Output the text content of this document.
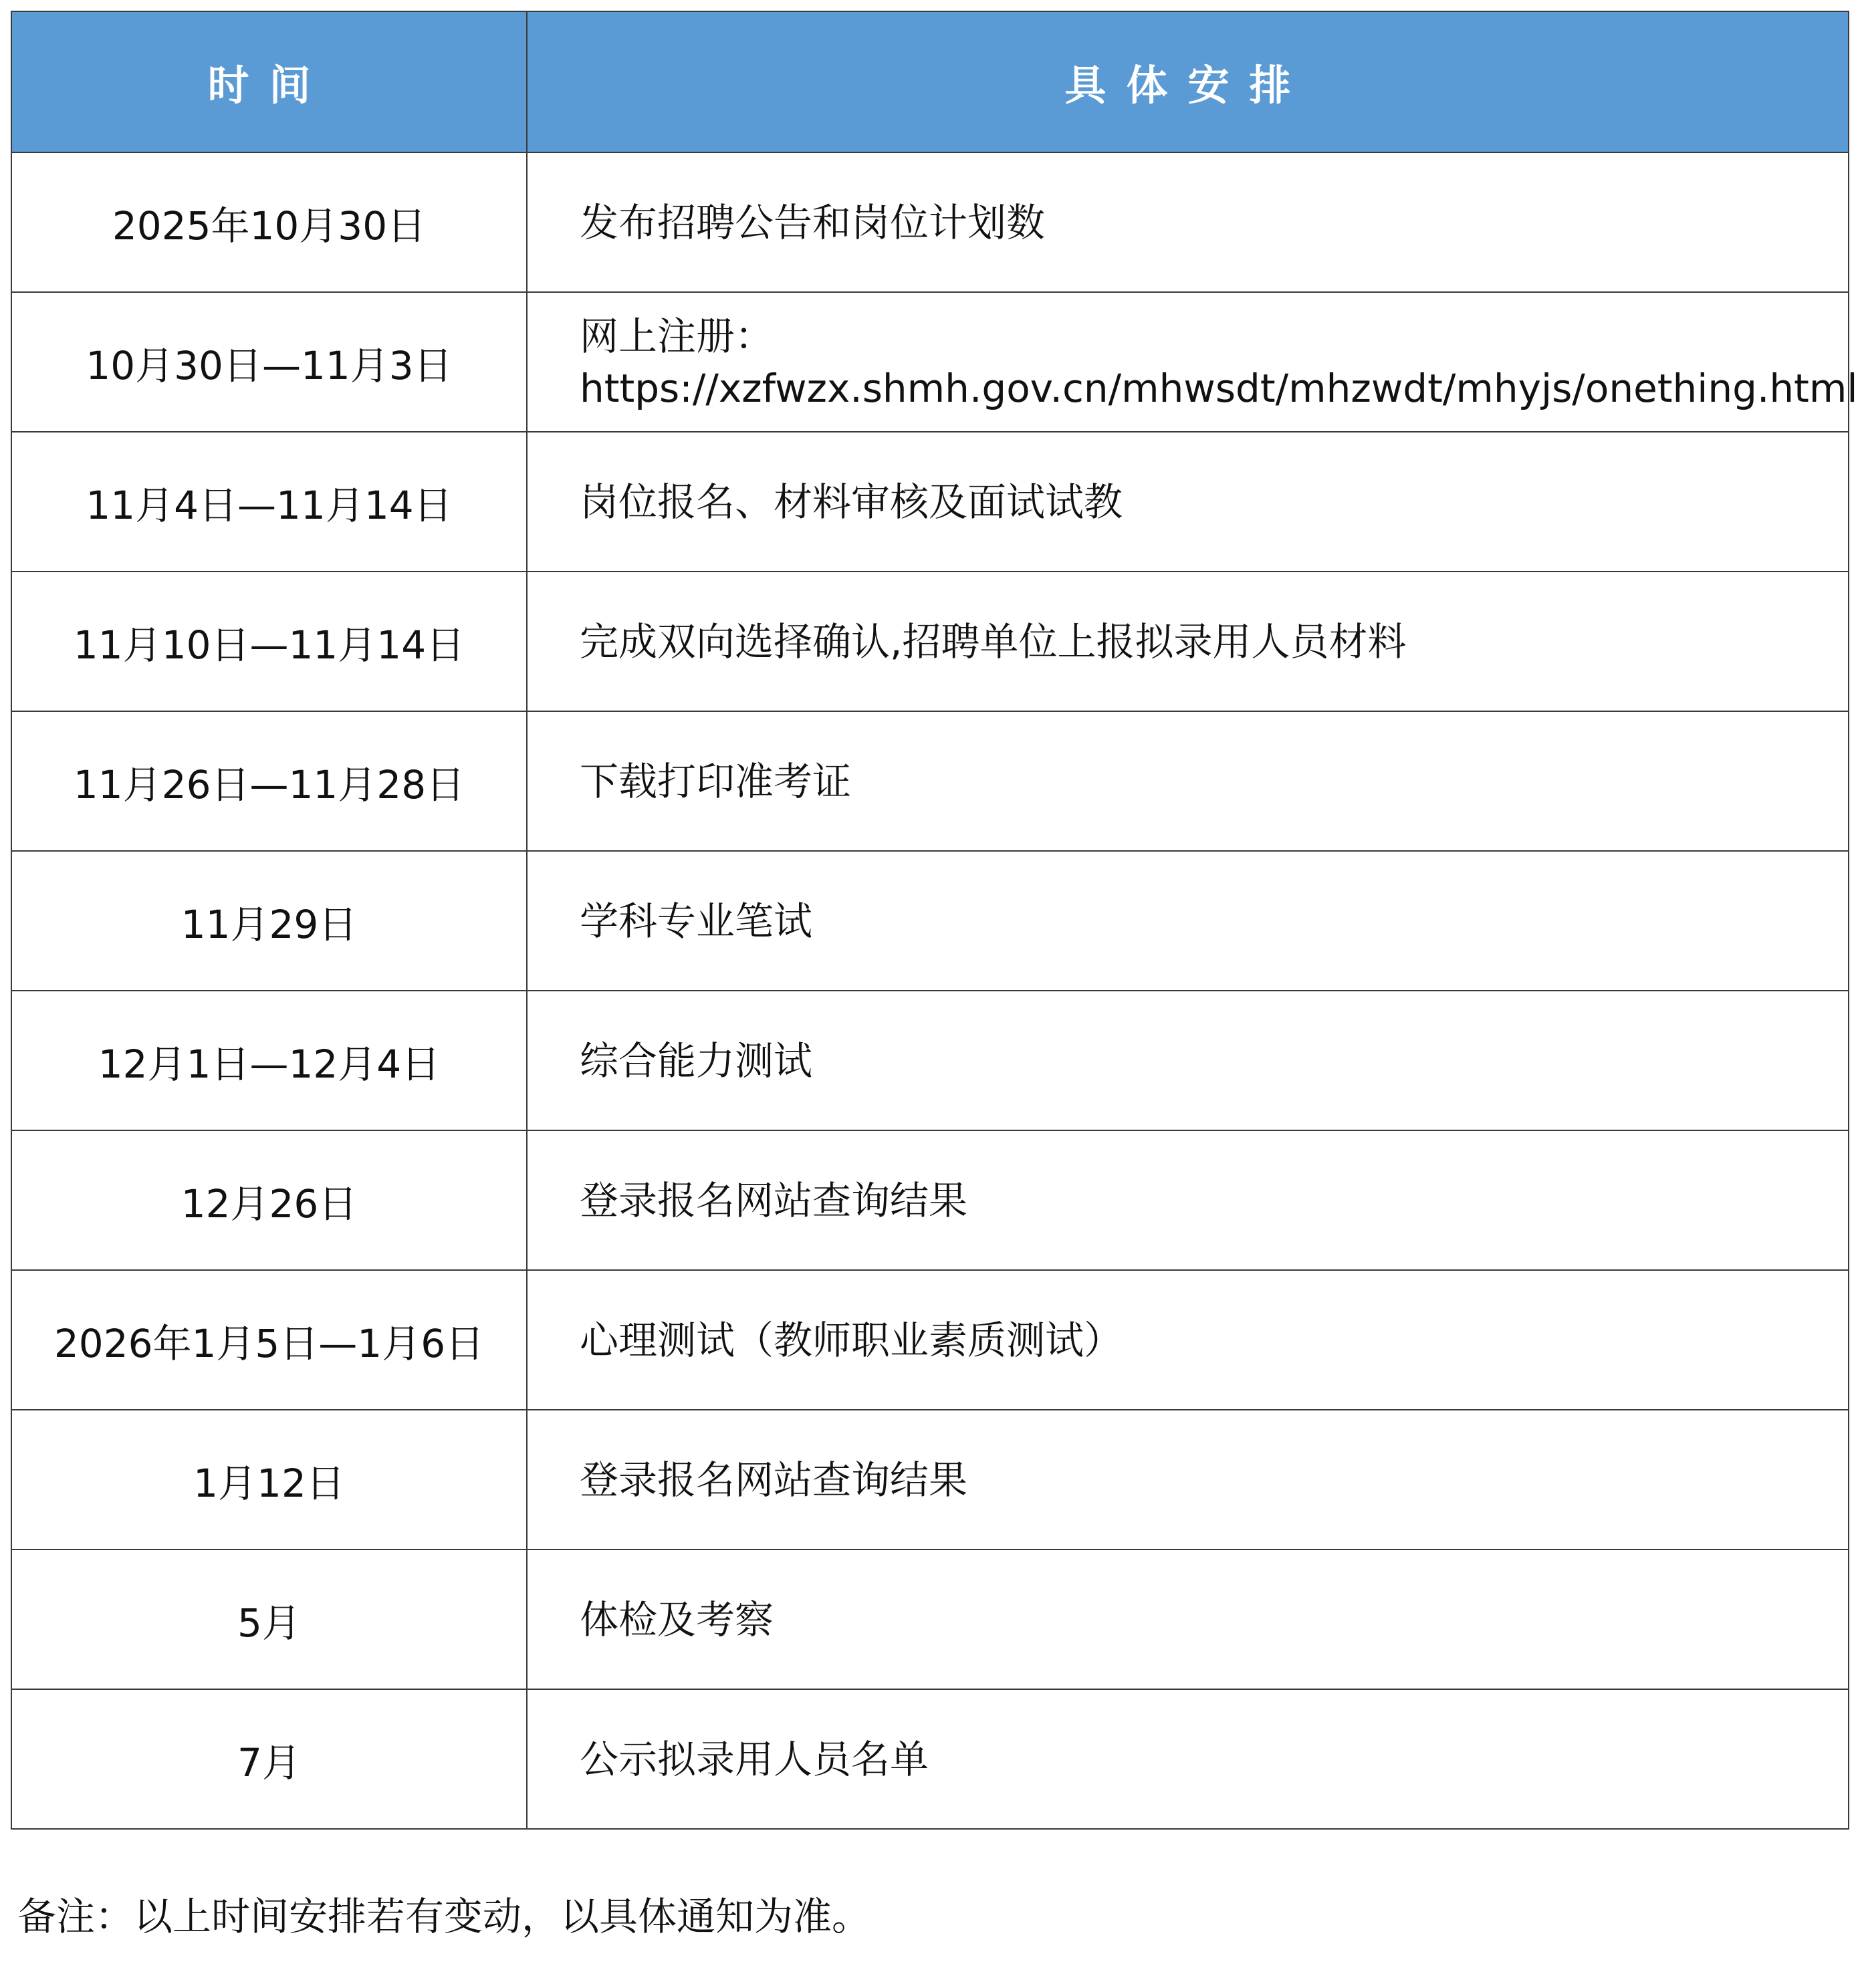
时间	具体安排
2025年10月30日	发布招聘公告和岗位计划数

10月30日—11月3日	网上注册：
https://xzfwzx.shmh.gov.cn/mhwsdt/mhzwdt/mhyjs/onething.html

11月4日—11月14日	岗位报名、材料审核及面试试教

11月10日—11月14日	完成双向选择确认,招聘单位上报拟录用人员材料

11月26日—11月28日	下载打印准考证

11月29日	学科专业笔试

12月1日—12月4日	综合能力测试

12月26日	登录报名网站查询结果

2026年1月5日—1月6日	心理测试（教师职业素质测试）

1月12日	登录报名网站查询结果

5月	体检及考察

7月	公示拟录用人员名单
备注：以上时间安排若有变动，以具体通知为准。
